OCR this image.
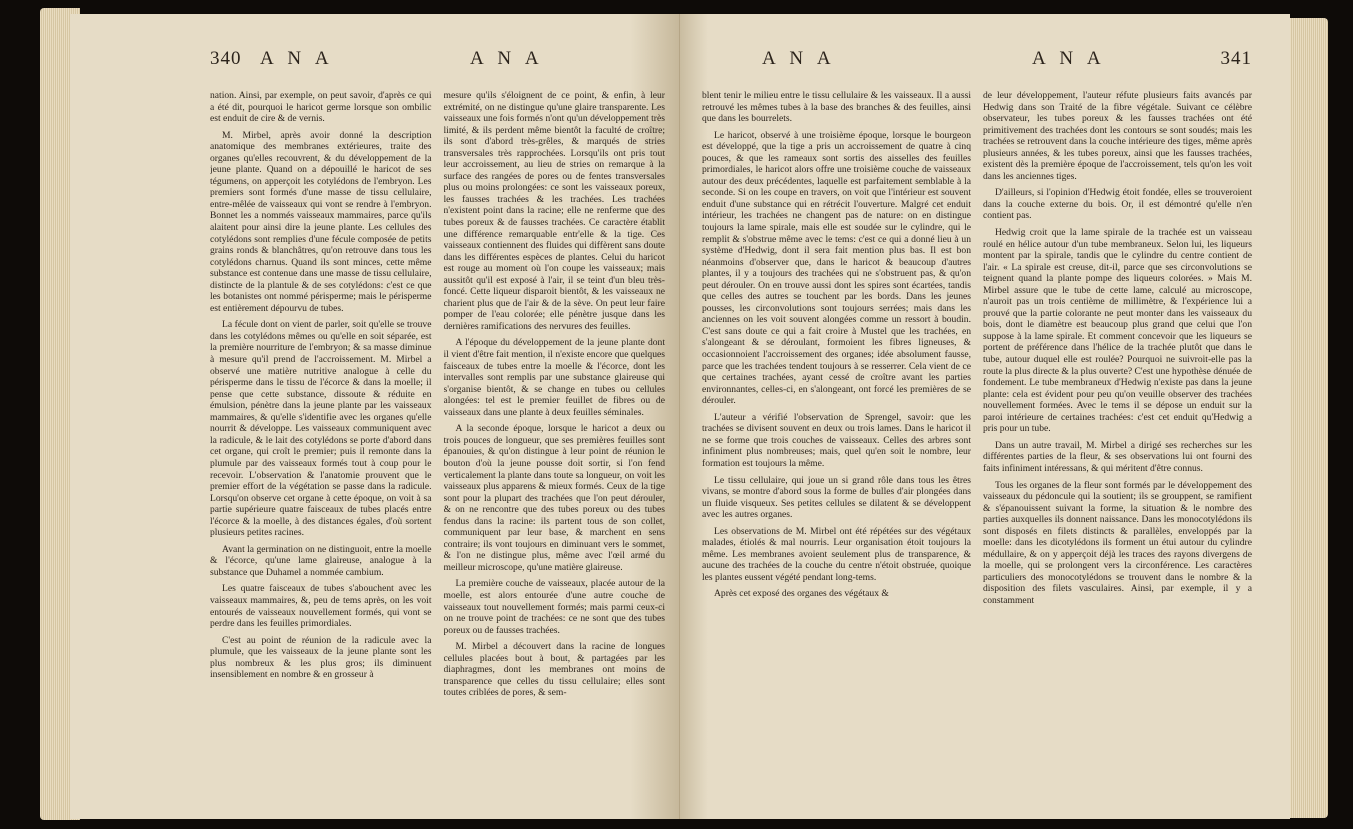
340 A N A	A N A

nation. Ainsi, par exemple, on peut savoir, d'après ce qui a été dit, pourquoi le haricot germe lorsque son ombilic est enduit de cire & de vernis.

M. Mirbel, après avoir donné la description anatomique des membranes extérieures, traite des organes qu'elles recouvrent, & du développement de la jeune plante. Quand on a dépouillé le haricot de ses tégumens, on apperçoit les cotylédons de l'embryon. Les premiers sont formés d'une masse de tissu cellulaire, entre-mêlée de vaisseaux qui vont se rendre à l'embryon. Bonnet les a nommés vaisseaux mammaires, parce qu'ils alaitent pour ainsi dire la jeune plante. Les cellules des cotylédons sont remplies d'une fécule composée de petits grains ronds & blanchâtres, qu'on retrouve dans tous les cotylédons charnus. Quand ils sont minces, cette même substance est contenue dans une masse de tissu cellulaire, distincte de la plantule & de ses cotylédons: c'est ce que les botanistes ont nommé périsperme; mais le périsperme est entièrement dépourvu de tubes.

La fécule dont on vient de parler, soit qu'elle se trouve dans les cotylédons mêmes ou qu'elle en soit séparée, est la première nourriture de l'embryon; & sa masse diminue à mesure qu'il prend de l'accroissement. M. Mirbel a observé une matière nutritive analogue à celle du périsperme dans le tissu de l'écorce & dans la moelle; il pense que cette substance, dissoute & réduite en émulsion, pénètre dans la jeune plante par les vaisseaux mammaires, & qu'elle s'identifie avec les organes qu'elle nourrit & développe. Les vaisseaux communiquent avec la radicule, & le lait des cotylédons se porte d'abord dans cet organe, qui croît le premier; puis il remonte dans la plumule par des vaisseaux formés tout à coup pour le recevoir. L'observation & l'anatomie prouvent que le premier effort de la végétation se passe dans la radicule. Lorsqu'on observe cet organe à cette époque, on voit à sa partie supérieure quatre faisceaux de tubes placés entre l'écorce & la moelle, à des distances égales, d'où sortent plusieurs petites racines.

Avant la germination on ne distinguoit, entre la moelle & l'écorce, qu'une lame glaireuse, analogue à la substance que Duhamel a nommée cambium.

Les quatre faisceaux de tubes s'abouchent avec les vaisseaux mammaires, &, peu de tems après, on les voit entourés de vaisseaux nouvellement formés, qui vont se perdre dans les feuilles primordiales.

C'est au point de réunion de la radicule avec la plumule, que les vaisseaux de la jeune plante sont les plus nombreux & les plus gros; ils diminuent insensiblement en nombre & en grosseur à

mesure qu'ils s'éloignent de ce point, & enfin, à leur extrémité, on ne distingue qu'une glaire transparente. Les vaisseaux une fois formés n'ont qu'un développement très limité, & ils perdent même bientôt la faculté de croître; ils sont d'abord très-grêles, & marqués de stries transversales très rapprochées. Lorsqu'ils ont pris tout leur accroissement, au lieu de stries on remarque à la surface des rangées de pores ou de fentes transversales plus ou moins prolongées: ce sont les vaisseaux poreux, les fausses trachées & les trachées. Les trachées n'existent point dans la racine; elle ne renferme que des tubes poreux & de fausses trachées. Ce caractère établit une différence remarquable entr'elle & la tige. Ces vaisseaux contiennent des fluides qui diffèrent sans doute dans les différentes espèces de plantes. Celui du haricot est rouge au moment où l'on coupe les vaisseaux; mais aussitôt qu'il est exposé à l'air, il se teint d'un bleu très-foncé. Cette liqueur disparoit bientôt, & les vaisseaux ne charient plus que de l'air & de la sève. On peut leur faire pomper de l'eau colorée; elle pénètre jusque dans les dernières ramifications des nervures des feuilles.

A l'époque du développement de la jeune plante dont il vient d'être fait mention, il n'existe encore que quelques faisceaux de tubes entre la moelle & l'écorce, dont les intervalles sont remplis par une substance glaireuse qui s'organise bientôt, & se change en tubes ou cellules alongées: tel est le premier feuillet de fibres ou de vaisseaux dans une plante à deux feuilles séminales.

A la seconde époque, lorsque le haricot a deux ou trois pouces de longueur, que ses premières feuilles sont épanouies, & qu'on distingue à leur point de réunion le bouton d'où la jeune pousse doit sortir, si l'on fend verticalement la plante dans toute sa longueur, on voit les vaisseaux plus apparens & mieux formés. Ceux de la tige sont pour la plupart des trachées que l'on peut dérouler, & on ne rencontre que des tubes poreux ou des tubes fendus dans la racine: ils partent tous de son collet, communiquent par leur base, & marchent en sens contraire; ils vont toujours en diminuant vers le sommet, & l'on ne distingue plus, même avec l'œil armé du meilleur microscope, qu'une matière glaireuse.

La première couche de vaisseaux, placée autour de la moelle, est alors entourée d'une autre couche de vaisseaux tout nouvellement formés; mais parmi ceux-ci on ne trouve point de trachées: ce ne sont que des tubes poreux ou de fausses trachées.

M. Mirbel a découvert dans la racine de longues cellules placées bout à bout, & partagées par les diaphragmes, dont les membranes ont moins de transparence que celles du tissu cellulaire; elles sont toutes criblées de pores, & sem-

A N A	A N A	341

blent tenir le milieu entre le tissu cellulaire & les vaisseaux. Il a aussi retrouvé les mêmes tubes à la base des branches & des feuilles, ainsi que dans les bourrelets.

Le haricot, observé à une troisième époque, lorsque le bourgeon est développé, que la tige a pris un accroissement de quatre à cinq pouces, & que les rameaux sont sortis des aisselles des feuilles primordiales, le haricot alors offre une troisième couche de vaisseaux autour des deux précédentes, laquelle est parfaitement semblable à la seconde. Si on les coupe en travers, on voit que l'intérieur est souvent enduit d'une substance qui en rétrécit l'ouverture. Malgré cet enduit intérieur, les trachées ne changent pas de nature: on en distingue toujours la lame spirale, mais elle est soudée sur le cylindre, qui le remplit & s'obstrue même avec le tems: c'est ce qui a donné lieu à un système d'Hedwig, dont il sera fait mention plus bas. Il est bon néanmoins d'observer que, dans le haricot & beaucoup d'autres plantes, il y a toujours des trachées qui ne s'obstruent pas, & qu'on peut dérouler. On en trouve aussi dont les spires sont écartées, tandis que celles des autres se touchent par les bords. Dans les jeunes pousses, les circonvolutions sont toujours serrées; mais dans les anciennes on les voit souvent alongées comme un ressort à boudin. C'est sans doute ce qui a fait croire à Mustel que les trachées, en s'alongeant & se déroulant, formoient les fibres ligneuses, & occasionnoient l'accroissement des organes; idée absolument fausse, parce que les trachées tendent toujours à se resserrer. Cela vient de ce que certaines trachées, ayant cessé de croître avant les parties environnantes, celles-ci, en s'alongeant, ont forcé les premières de se dérouler.

L'auteur a vérifié l'observation de Sprengel, savoir: que les trachées se divisent souvent en deux ou trois lames. Dans le haricot il ne se forme que trois couches de vaisseaux. Celles des arbres sont infiniment plus nombreuses; mais, quel qu'en soit le nombre, leur formation est toujours la même.

Le tissu cellulaire, qui joue un si grand rôle dans tous les êtres vivans, se montre d'abord sous la forme de bulles d'air plongées dans un fluide visqueux. Ses petites cellules se dilatent & se développent avec les autres organes.

Les observations de M. Mirbel ont été répétées sur des végétaux malades, étiolés & mal nourris. Leur organisation étoit toujours la même. Les membranes avoient seulement plus de transparence, & aucune des trachées de la couche du centre n'étoit obstruée, quoique les plantes eussent végété pendant long-tems.

Après cet exposé des organes des végétaux &

de leur développement, l'auteur réfute plusieurs faits avancés par Hedwig dans son Traité de la fibre végétale. Suivant ce célèbre observateur, les tubes poreux & les fausses trachées ont été primitivement des trachées dont les contours se sont soudés; mais les trachées se retrouvent dans la couche intérieure des tiges, même après plusieurs années, & les tubes poreux, ainsi que les fausses trachées, existent dès la première époque de l'accroissement, tels qu'on les voit dans les anciennes tiges.

D'ailleurs, si l'opinion d'Hedwig étoit fondée, elles se trouveroient dans la couche externe du bois. Or, il est démontré qu'elle n'en contient pas.

Hedwig croit que la lame spirale de la trachée est un vaisseau roulé en hélice autour d'un tube membraneux. Selon lui, les liqueurs montent par la spirale, tandis que le cylindre du centre contient de l'air. « La spirale est creuse, dit-il, parce que ses circonvolutions se teignent quand la plante pompe des liqueurs colorées. » Mais M. Mirbel assure que le tube de cette lame, calculé au microscope, n'auroit pas un trois centième de millimètre, & l'expérience lui a prouvé que la partie colorante ne peut monter dans les vaisseaux du bois, dont le diamètre est beaucoup plus grand que celui que l'on suppose à la lame spirale. Et comment concevoir que les liqueurs se portent de préférence dans l'hélice de la trachée plutôt que dans le tube, autour duquel elle est roulée? Pourquoi ne suivroit-elle pas la route la plus directe & la plus ouverte? C'est une hypothèse dénuée de fondement. Le tube membraneux d'Hedwig n'existe pas dans la jeune plante: cela est évident pour peu qu'on veuille observer des trachées nouvellement formées. Avec le tems il se dépose un enduit sur la paroi intérieure de certaines trachées: c'est cet enduit qu'Hedwig a pris pour un tube.

Dans un autre travail, M. Mirbel a dirigé ses recherches sur les différentes parties de la fleur, & ses observations lui ont fourni des faits infiniment intéressans, & qui méritent d'être connus.

Tous les organes de la fleur sont formés par le développement des vaisseaux du pédoncule qui la soutient; ils se grouppent, se ramifient & s'épanouissent suivant la forme, la situation & le nombre des parties auxquelles ils donnent naissance. Dans les monocotylédons ils sont disposés en filets distincts & parallèles, enveloppés par la moelle: dans les dicotylédons ils forment un étui autour du cylindre médullaire, & on y apperçoit déjà les traces des rayons divergens de la moelle, qui se prolongent vers la circonférence. Les caractères particuliers des monocotylédons se trouvent dans le nombre & la disposition des filets vasculaires. Ainsi, par exemple, il y a constamment
